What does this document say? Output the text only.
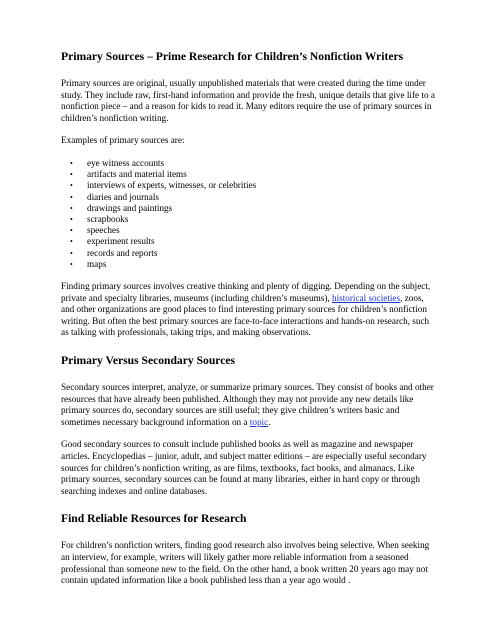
Primary Sources – Prime Research for Children’s Nonfiction Writers

Primary sources are original, usually unpublished materials that were created during the time under study. They include raw, first-hand information and provide the fresh, unique details that give life to a nonfiction piece – and a reason for kids to read it. Many editors require the use of primary sources in children’s nonfiction writing.

Examples of primary sources are:

• eye witness accounts
• artifacts and material items
• interviews of experts, witnesses, or celebrities
• diaries and journals
• drawings and paintings
• scrapbooks
• speeches
• experiment results
• records and reports
• maps

Finding primary sources involves creative thinking and plenty of digging. Depending on the subject, private and specialty libraries, museums (including children’s museums), historical societies, zoos, and other organizations are good places to find interesting primary sources for children’s nonfiction writing. But often the best primary sources are face-to-face interactions and hands-on research, such as talking with professionals, taking trips, and making observations.

Primary Versus Secondary Sources

Secondary sources interpret, analyze, or summarize primary sources. They consist of books and other resources that have already been published. Although they may not provide any new details like primary sources do, secondary sources are still useful; they give children’s writers basic and sometimes necessary background information on a topic.

Good secondary sources to consult include published books as well as magazine and newspaper articles. Encyclopedias – junior, adult, and subject matter editions – are especially useful secondary sources for children’s nonfiction writing, as are films, textbooks, fact books, and almanacs. Like primary sources, secondary sources can be found at many libraries, either in hard copy or through searching indexes and online databases.

Find Reliable Resources for Research

For children’s nonfiction writers, finding good research also involves being selective. When seeking an interview, for example, writers will likely gather more reliable information from a seasoned professional than someone new to the field. On the other hand, a book written 20 years ago may not contain updated information like a book published less than a year ago would .
